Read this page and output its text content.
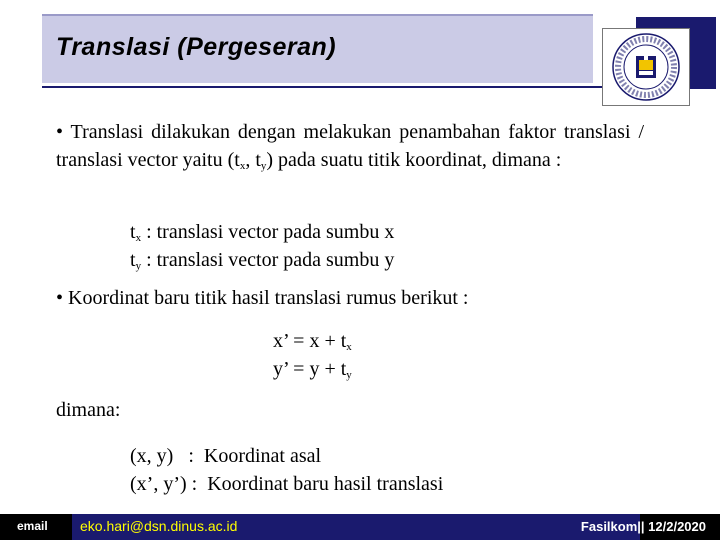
Translasi (Pergeseran)
• Translasi dilakukan dengan melakukan penambahan faktor translasi / translasi vector yaitu ($t_x$, $t_y$) pada suatu titik koordinat, dimana :
$t_x$ : translasi vector pada sumbu x
$t_y$ : translasi vector pada sumbu y
• Koordinat baru titik hasil translasi rumus berikut :
x’ = $x + t_x$
y’ = $y + t_y$
dimana:
(x, y)   :  Koordinat asal
(x’, y’) :  Koordinat baru hasil translasi
email eko.hari@dsn.dinus.ac.id	Fasilkom|| 12/2/2020
